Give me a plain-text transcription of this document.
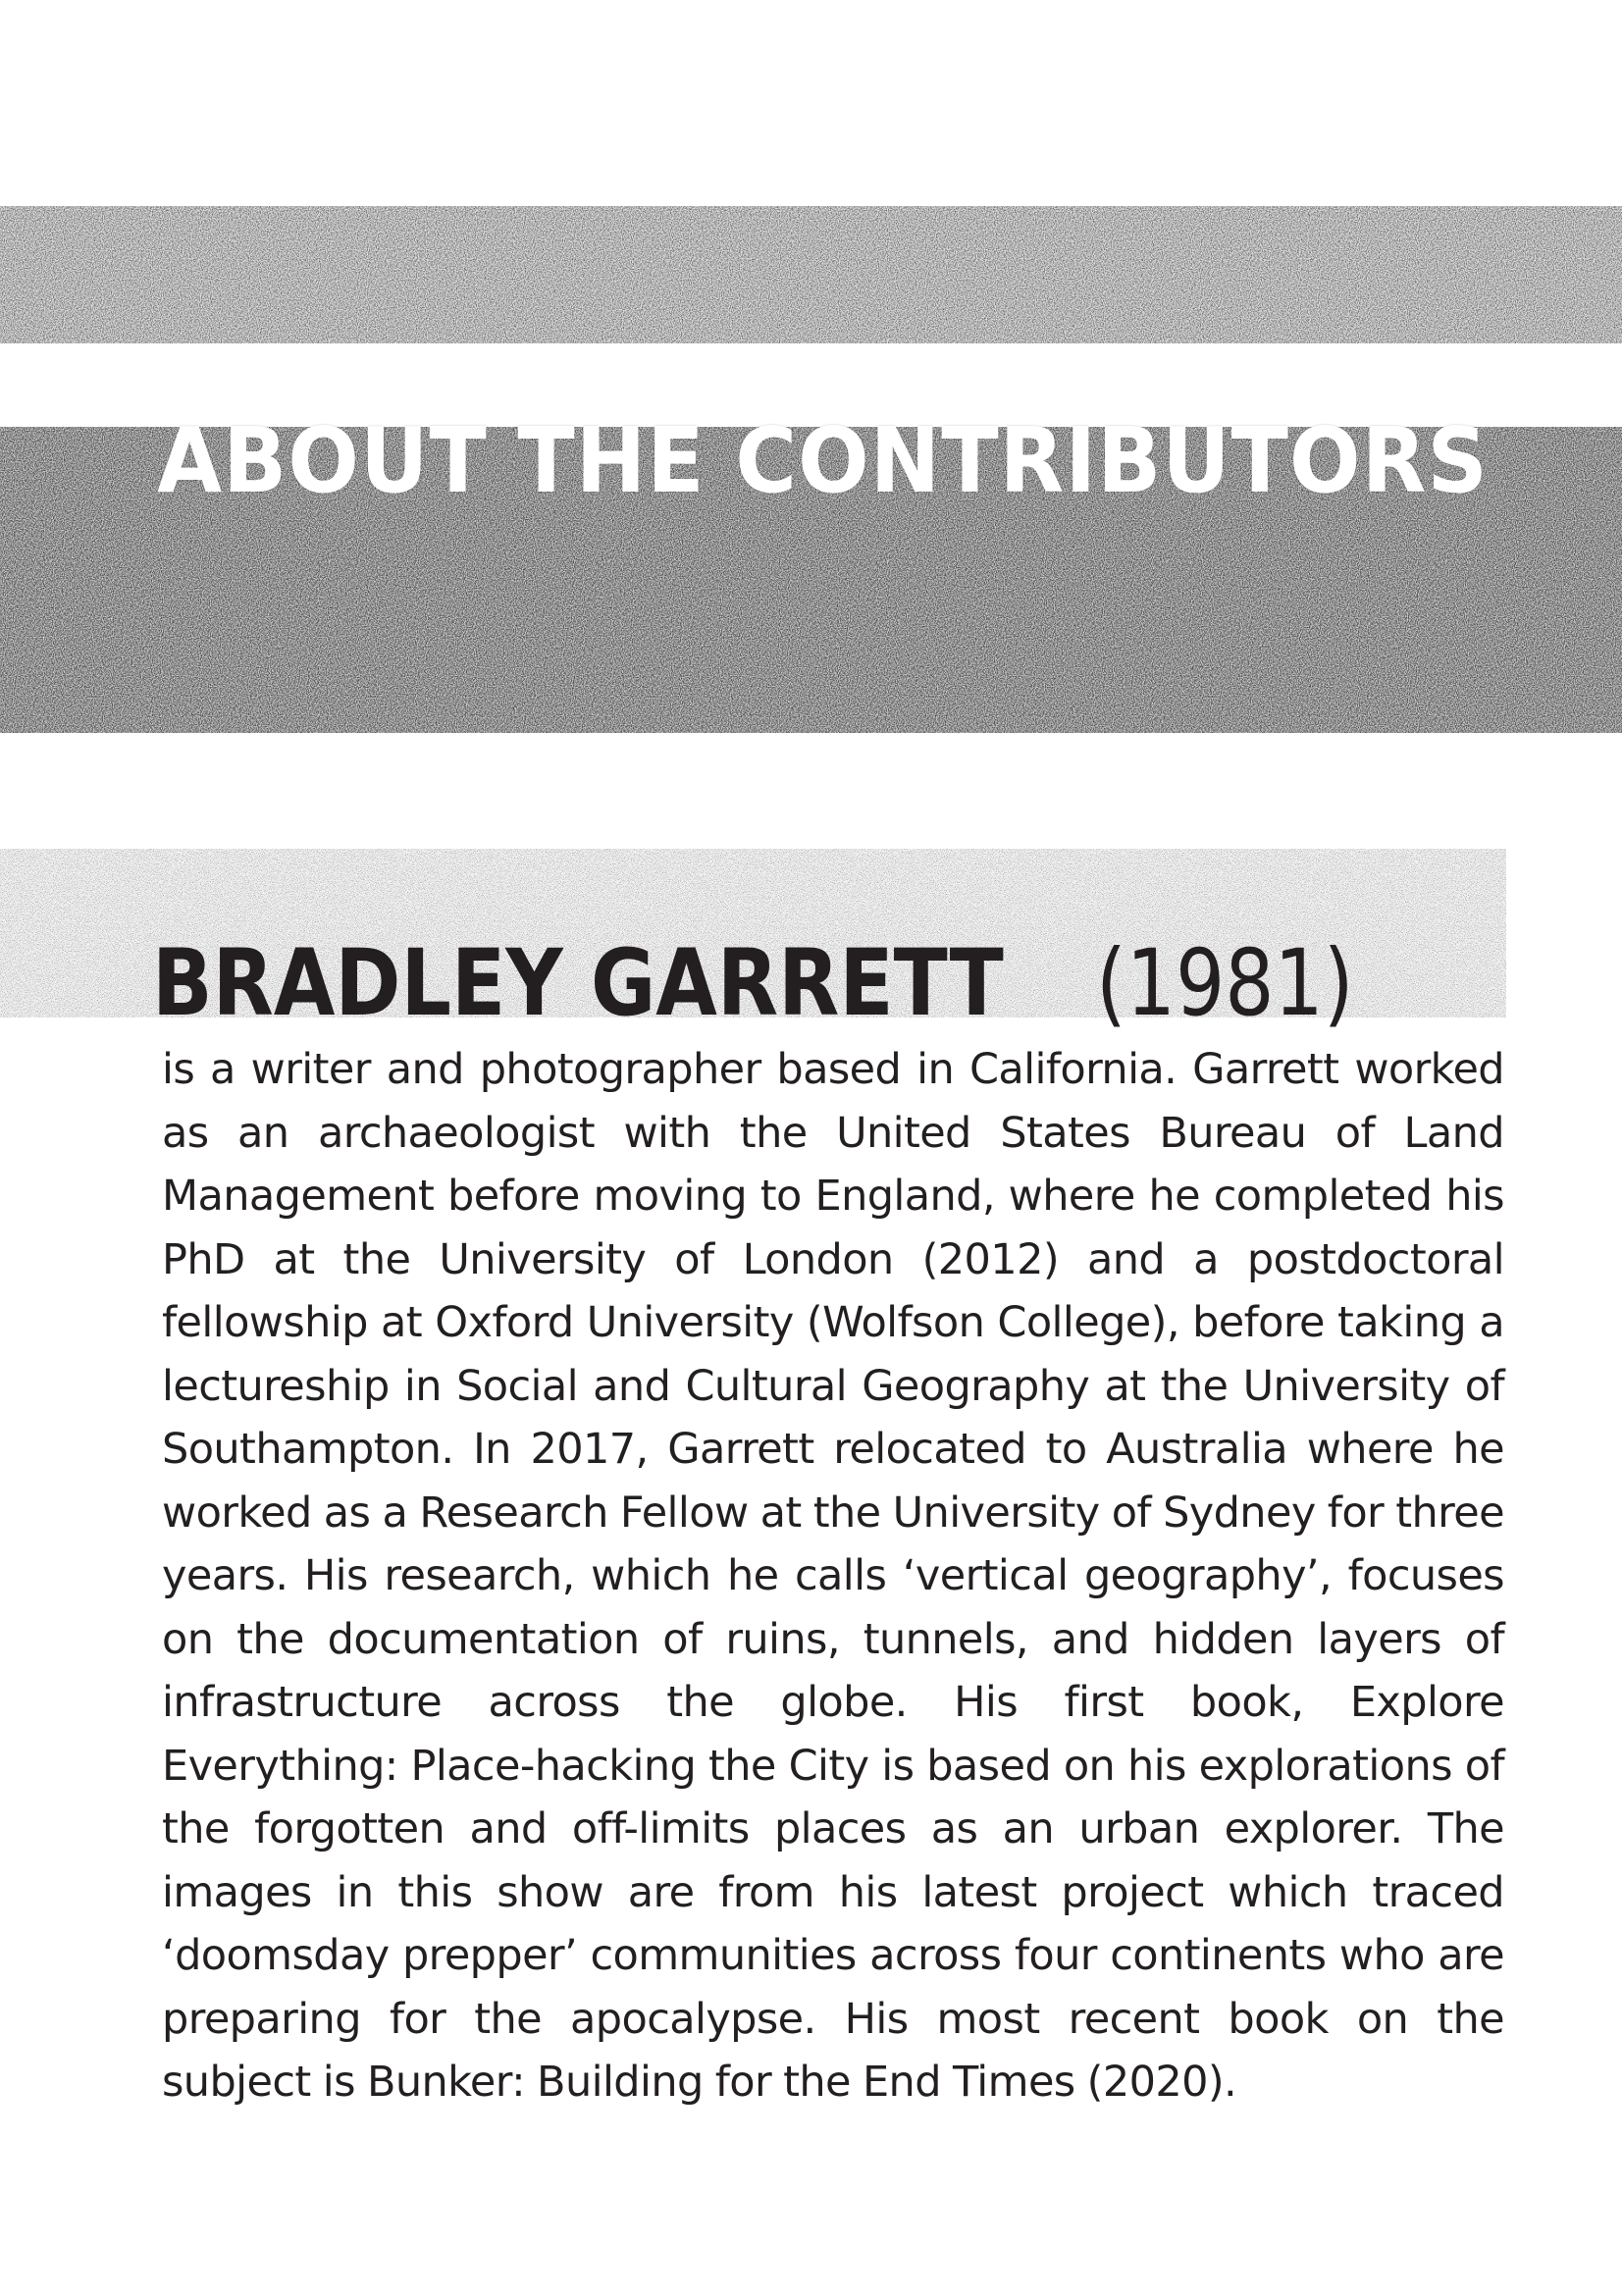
ABOUT THE CONTRIBUTORS
BRADLEY GARRETT (1981)

is a writer and photographer based in California. Garrett worked as an archaeologist with the United States Bureau of Land Management before moving to England, where he completed his PhD at the University of London (2012) and a postdoctoral fellowship at Oxford University (Wolfson College), before taking a lectureship in Social and Cultural Geography at the University of Southampton. In 2017, Garrett relocated to Australia where he worked as a Research Fellow at the University of Sydney for three years. His research, which he calls ‘vertical geography’, focuses on the documentation of ruins, tunnels, and hidden layers of infrastructure across the globe. His first book, Explore Everything: Place-hacking the City is based on his explorations of the forgotten and off-limits places as an urban explorer. The images in this show are from his latest project which traced ‘doomsday prepper’ communities across four continents who are preparing for the apocalypse. His most recent book on the subject is Bunker: Building for the End Times (2020).
